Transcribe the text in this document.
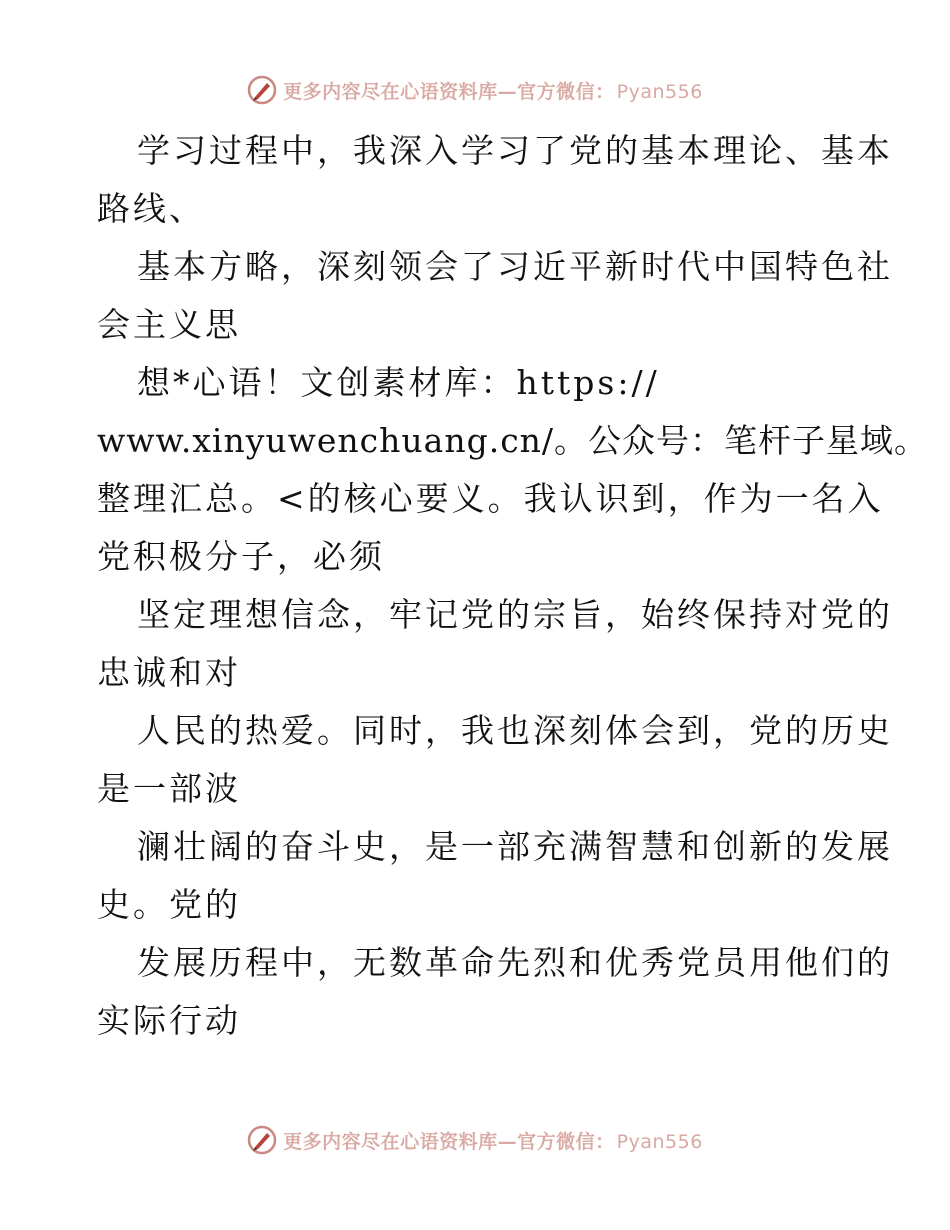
更多内容尽在心语资料库—官方微信： Pyan556
学习过程中，我深入学习了党的基本理论、基本
路线、
基本方略，深刻领会了习近平新时代中国特色社
会主义思
想*心语！文创素材库：https://
www.xinyuwenchuang.cn/。公众号：笔杆子星域。
整理汇总。<的核心要义。我认识到，作为一名入
党积极分子，必须
坚定理想信念，牢记党的宗旨，始终保持对党的
忠诚和对
人民的热爱。同时，我也深刻体会到，党的历史
是一部波
澜壮阔的奋斗史，是一部充满智慧和创新的发展
史。党的
发展历程中，无数革命先烈和优秀党员用他们的
实际行动
更多内容尽在心语资料库—官方微信： Pyan556
